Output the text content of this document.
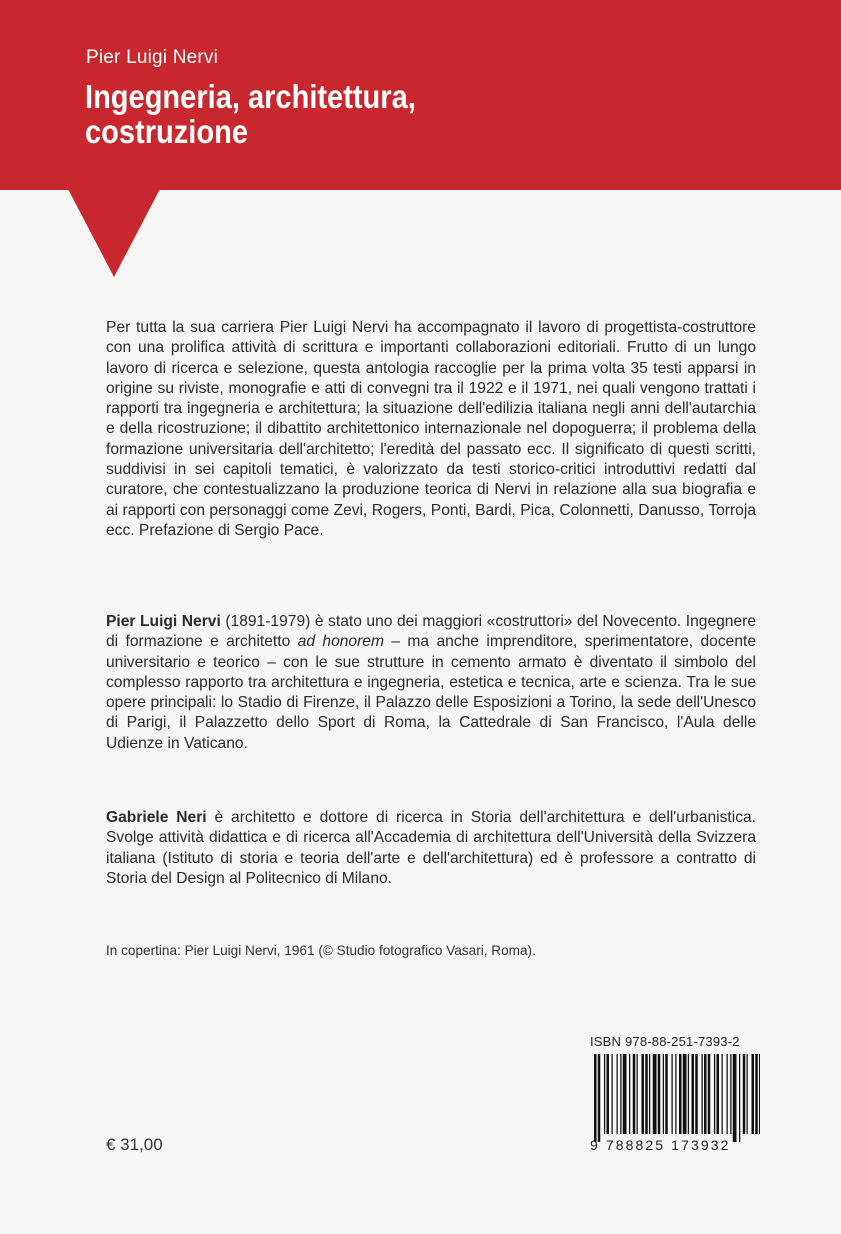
Pier Luigi Nervi
Ingegneria, architettura,
costruzione
Per tutta la sua carriera Pier Luigi Nervi ha accompagnato il lavoro di progettista-costruttore con una prolifica attività di scrittura e importanti collaborazioni editoriali. Frutto di un lungo lavoro di ricerca e selezione, questa antologia raccoglie per la prima volta 35 testi apparsi in origine su riviste, monografie e atti di convegni tra il 1922 e il 1971, nei quali vengono trattati i rapporti tra ingegneria e architettura; la situazione dell'edilizia italiana negli anni dell'autarchia e della ricostruzione; il dibattito architettonico internazionale nel dopoguerra; il problema della formazione universitaria dell'architetto; l'eredità del passato ecc. Il significato di questi scritti, suddivisi in sei capitoli tematici, è valorizzato da testi storico-critici introduttivi redatti dal curatore, che contestualizzano la produzione teorica di Nervi in relazione alla sua biografia e ai rapporti con personaggi come Zevi, Rogers, Ponti, Bardi, Pica, Colonnetti, Danusso, Torroja ecc. Prefazione di Sergio Pace.
Pier Luigi Nervi (1891-1979) è stato uno dei maggiori «costruttori» del Novecento. Ingegnere di formazione e architetto ad honorem – ma anche imprenditore, sperimentatore, docente universitario e teorico – con le sue strutture in cemento armato è diventato il simbolo del complesso rapporto tra architettura e ingegneria, estetica e tecnica, arte e scienza. Tra le sue opere principali: lo Stadio di Firenze, il Palazzo delle Esposizioni a Torino, la sede dell'Unesco di Parigi, il Palazzetto dello Sport di Roma, la Cattedrale di San Francisco, l'Aula delle Udienze in Vaticano.
Gabriele Neri è architetto e dottore di ricerca in Storia dell'architettura e dell'urbanistica. Svolge attività didattica e di ricerca all'Accademia di architettura dell'Università della Svizzera italiana (Istituto di storia e teoria dell'arte e dell'architettura) ed è professore a contratto di Storia del Design al Politecnico di Milano.
In copertina: Pier Luigi Nervi, 1961 (© Studio fotografico Vasari, Roma).
ISBN 978-88-251-7393-2
9 788825 173932
€ 31,00
